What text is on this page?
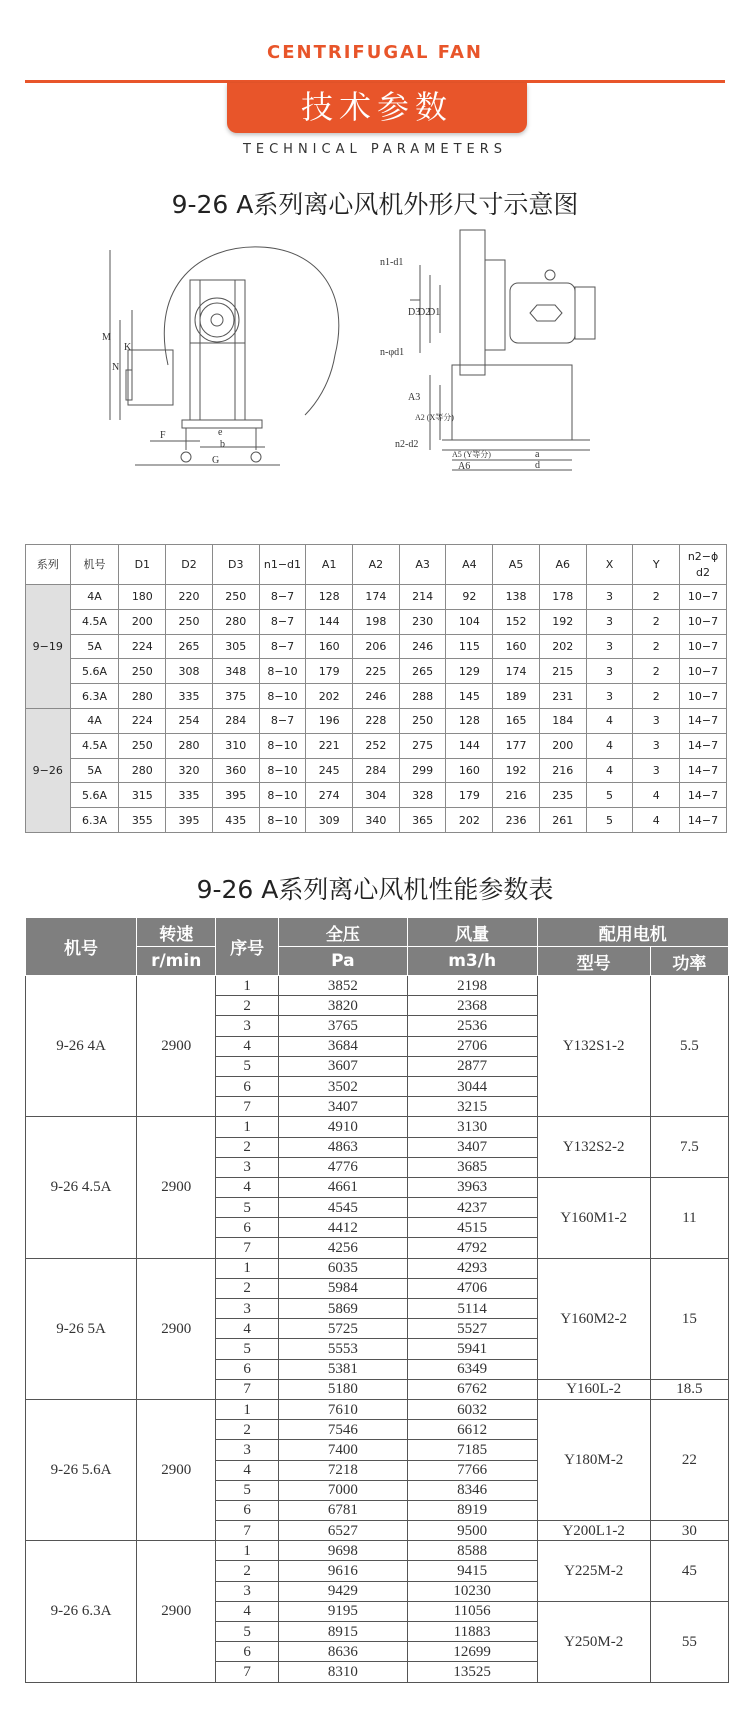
CENTRIFUGAL FAN
技术参数
TECHNICAL PARAMETERS
9-26 A系列离心风机外形尺寸示意图
M
N
K
F	e
b
G
n1-d1
D3
D2
D1
n-φd1
A3
A2 (X等分)
n2-d2
A5 (Y等分)
A6
a
d
系列	机号	D1	D2	D3	n1−d1	A1	A2	A3	A4	A5	A6	X	Y	n2−ϕ d2
9−19	4A	180	220	250	8−7	128	174	214	92	138	178	3	2	10−7
	4.5A	200	250	280	8−7	144	198	230	104	152	192	3	2	10−7
	5A	224	265	305	8−7	160	206	246	115	160	202	3	2	10−7
	5.6A	250	308	348	8−10	179	225	265	129	174	215	3	2	10−7
	6.3A	280	335	375	8−10	202	246	288	145	189	231	3	2	10−7
9−26	4A	224	254	284	8−7	196	228	250	128	165	184	4	3	14−7
	4.5A	250	280	310	8−10	221	252	275	144	177	200	4	3	14−7
	5A	280	320	360	8−10	245	284	299	160	192	216	4	3	14−7
	5.6A	315	335	395	8−10	274	304	328	179	216	235	5	4	14−7
	6.3A	355	395	435	8−10	309	340	365	202	236	261	5	4	14−7
9-26 A系列离心风机性能参数表
机号	转速	序号	全压	风量	配用电机	
	r/min		Pa	m3/h	型号	功率
9-26 4A	2900	1	3852	2198	Y132S1-2	5.5
		2	3820	2368		
		3	3765	2536		
		4	3684	2706		
		5	3607	2877		
		6	3502	3044		
		7	3407	3215		
9-26 4.5A	2900	1	4910	3130	Y132S2-2	7.5
		2	4863	3407		
		3	4776	3685		
		4	4661	3963	Y160M1-2	11
		5	4545	4237		
		6	4412	4515		
		7	4256	4792		
9-26 5A	2900	1	6035	4293	Y160M2-2	15
		2	5984	4706		
		3	5869	5114		
		4	5725	5527		
		5	5553	5941		
		6	5381	6349		
		7	5180	6762	Y160L-2	18.5
9-26 5.6A	2900	1	7610	6032	Y180M-2	22
		2	7546	6612		
		3	7400	7185		
		4	7218	7766		
		5	7000	8346		
		6	6781	8919		
		7	6527	9500	Y200L1-2	30
9-26 6.3A	2900	1	9698	8588	Y225M-2	45
		2	9616	9415		
		3	9429	10230		
		4	9195	11056	Y250M-2	55
		5	8915	11883		
		6	8636	12699		
		7	8310	13525		
